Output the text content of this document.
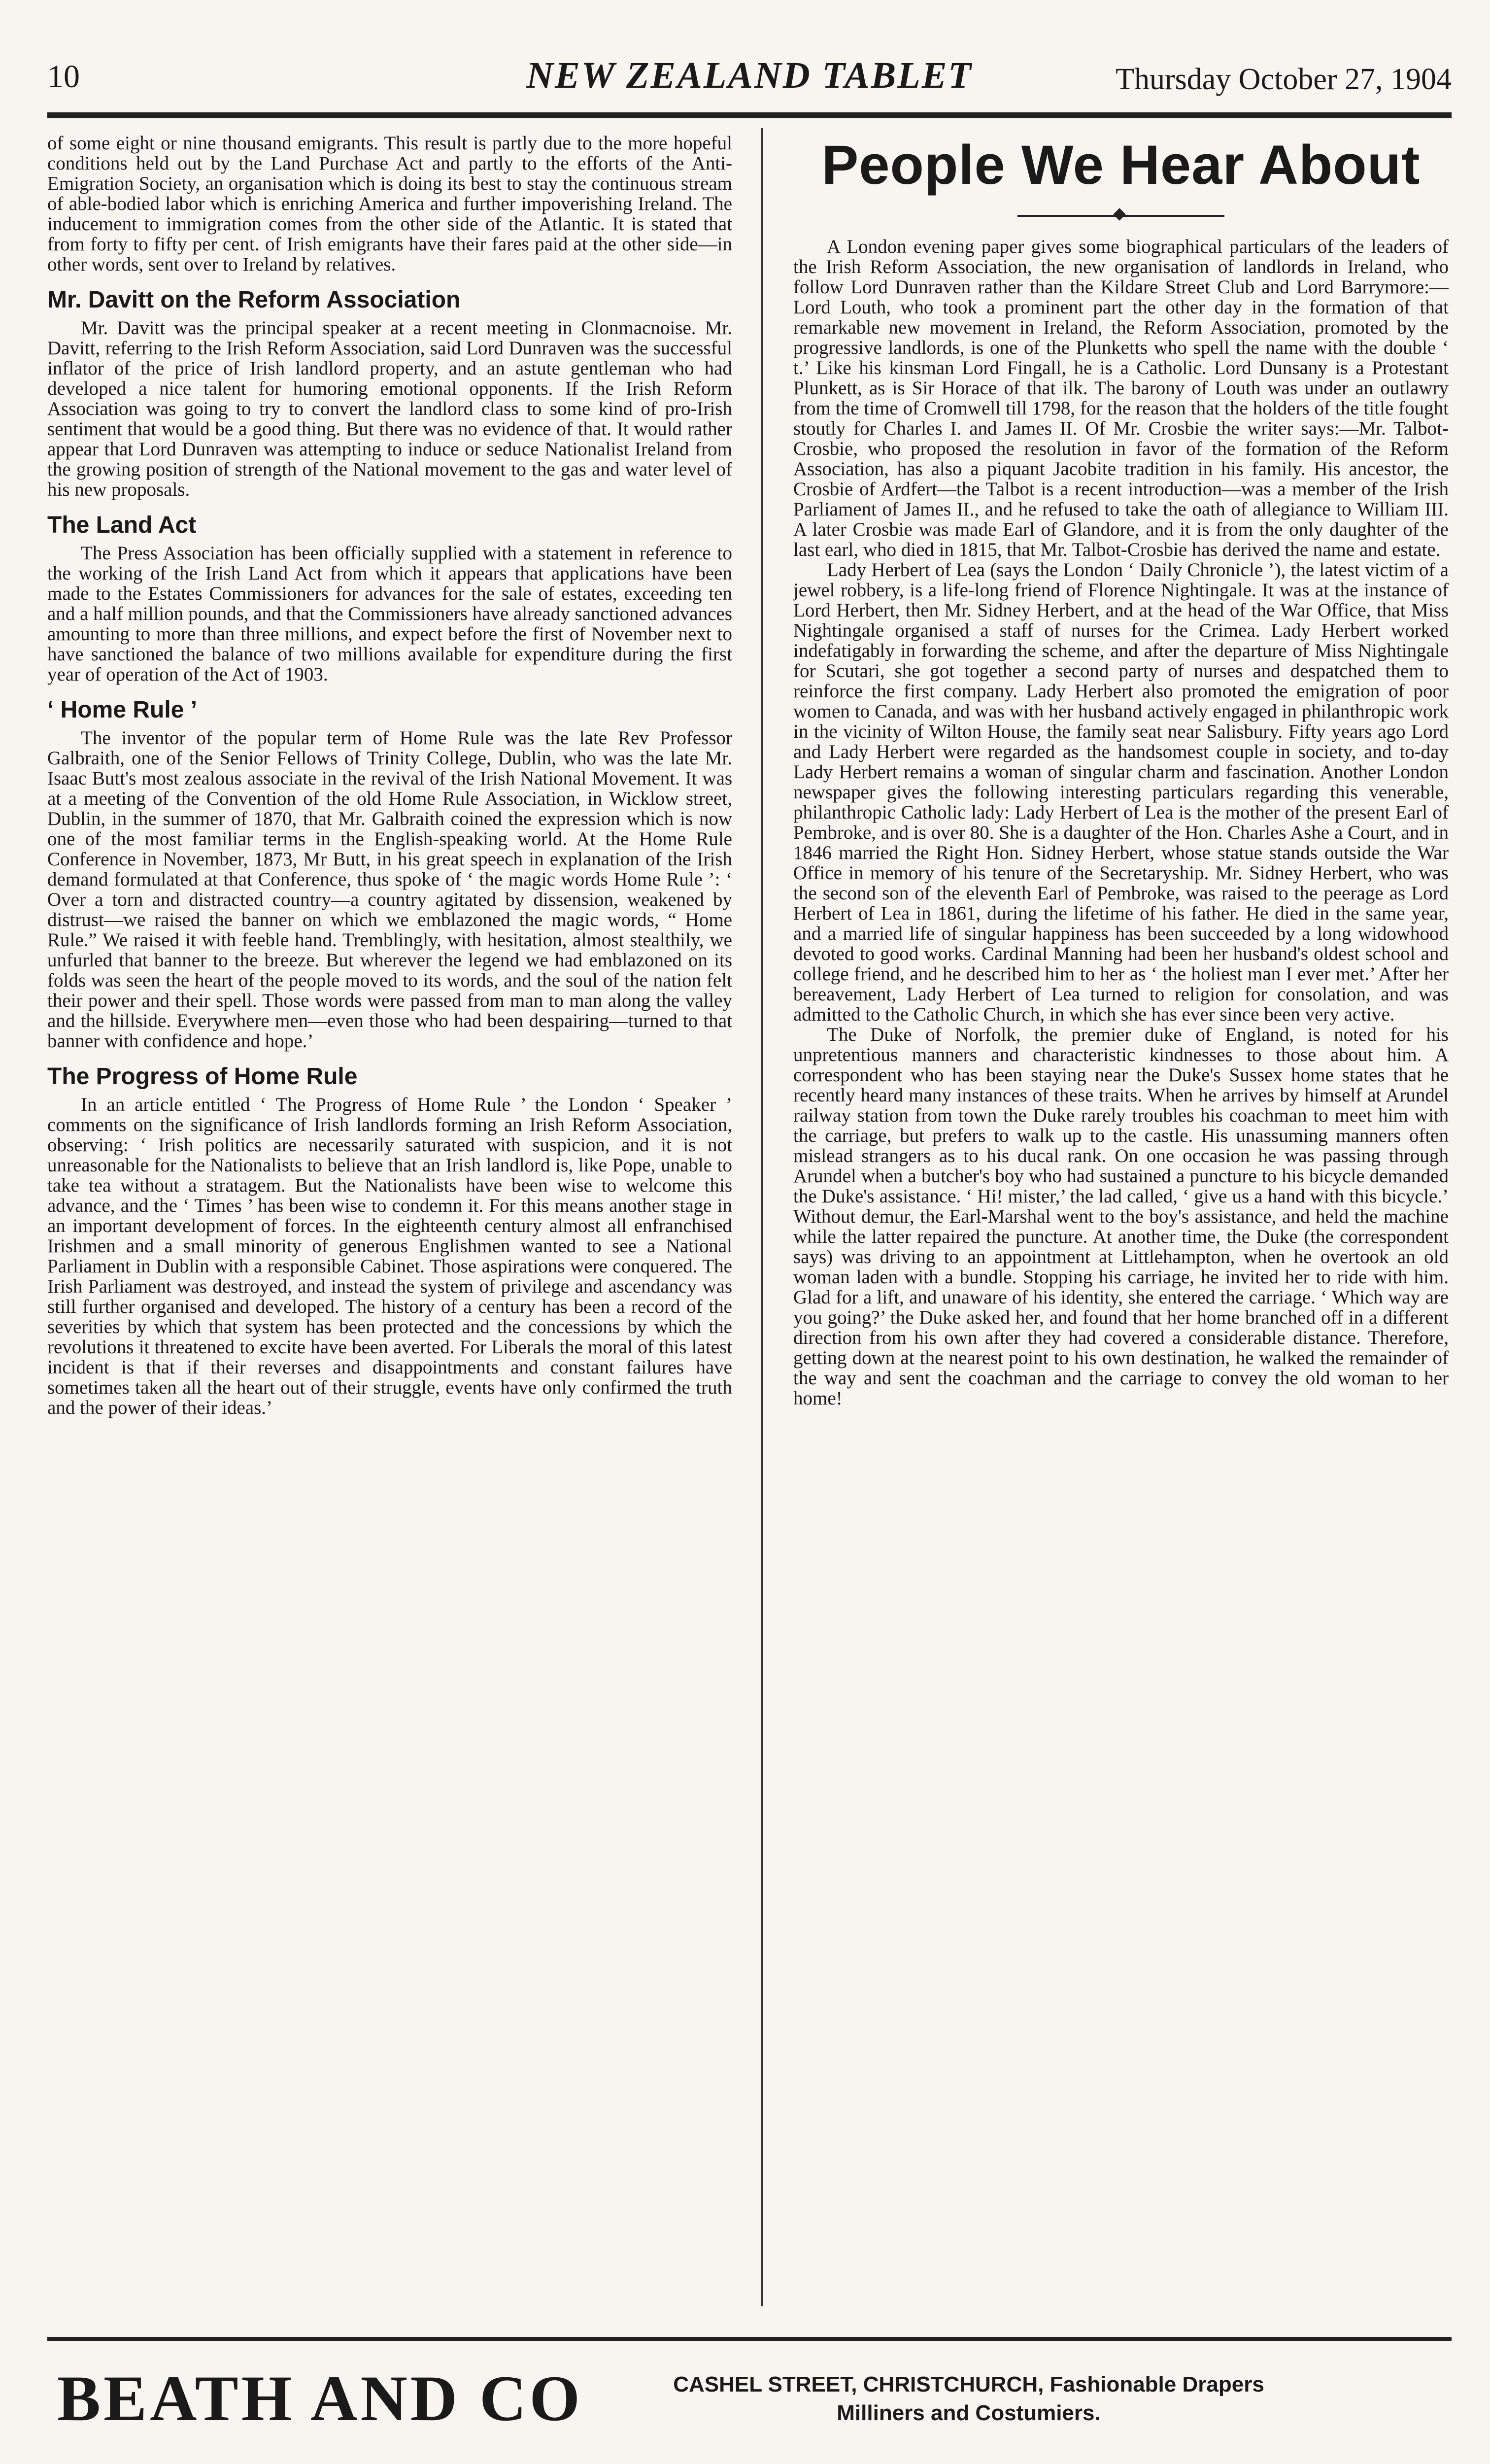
10	NEW ZEALAND TABLET	Thursday October 27, 1904

of some eight or nine thousand emigrants. This result is partly due to the more hopeful conditions held out by the Land Purchase Act and partly to the efforts of the Anti-Emigration Society, an organisation which is doing its best to stay the continuous stream of able-bodied labor which is enriching America and further impoverishing Ireland. The inducement to immigration comes from the other side of the Atlantic. It is stated that from forty to fifty per cent. of Irish emigrants have their fares paid at the other side—in other words, sent over to Ireland by relatives.

Mr. Davitt on the Reform Association

Mr. Davitt was the principal speaker at a recent meeting in Clonmacnoise. Mr. Davitt, referring to the Irish Reform Association, said Lord Dunraven was the successful inflator of the price of Irish landlord property, and an astute gentleman who had developed a nice talent for humoring emotional opponents. If the Irish Reform Association was going to try to convert the landlord class to some kind of pro-Irish sentiment that would be a good thing. But there was no evidence of that. It would rather appear that Lord Dunraven was attempting to induce or seduce Nationalist Ireland from the growing position of strength of the National movement to the gas and water level of his new proposals.

The Land Act

The Press Association has been officially supplied with a statement in reference to the working of the Irish Land Act from which it appears that applications have been made to the Estates Commissioners for advances for the sale of estates, exceeding ten and a half million pounds, and that the Commissioners have already sanctioned advances amounting to more than three millions, and expect before the first of November next to have sanctioned the balance of two millions available for expenditure during the first year of operation of the Act of 1903.

‘ Home Rule ’

The inventor of the popular term of Home Rule was the late Rev Professor Galbraith, one of the Senior Fellows of Trinity College, Dublin, who was the late Mr. Isaac Butt's most zealous associate in the revival of the Irish National Movement. It was at a meeting of the Convention of the old Home Rule Association, in Wicklow street, Dublin, in the summer of 1870, that Mr. Galbraith coined the expression which is now one of the most familiar terms in the English-speaking world. At the Home Rule Conference in November, 1873, Mr Butt, in his great speech in explanation of the Irish demand formulated at that Conference, thus spoke of ‘ the magic words Home Rule ’: ‘ Over a torn and distracted country—a country agitated by dissension, weakened by distrust—we raised the banner on which we emblazoned the magic words, “ Home Rule.” We raised it with feeble hand. Tremblingly, with hesitation, almost stealthily, we unfurled that banner to the breeze. But wherever the legend we had emblazoned on its folds was seen the heart of the people moved to its words, and the soul of the nation felt their power and their spell. Those words were passed from man to man along the valley and the hillside. Everywhere men—even those who had been despairing—turned to that banner with confidence and hope.’

The Progress of Home Rule

In an article entitled ‘ The Progress of Home Rule ’ the London ‘ Speaker ’ comments on the significance of Irish landlords forming an Irish Reform Association, observing: ‘ Irish politics are necessarily saturated with suspicion, and it is not unreasonable for the Nationalists to believe that an Irish landlord is, like Pope, unable to take tea without a stratagem. But the Nationalists have been wise to welcome this advance, and the ‘ Times ’ has been wise to condemn it. For this means another stage in an important development of forces. In the eighteenth century almost all enfranchised Irishmen and a small minority of generous Englishmen wanted to see a National Parliament in Dublin with a responsible Cabinet. Those aspirations were conquered. The Irish Parliament was destroyed, and instead the system of privilege and ascendancy was still further organised and developed. The history of a century has been a record of the severities by which that system has been protected and the concessions by which the revolutions it threatened to excite have been averted. For Liberals the moral of this latest incident is that if their reverses and disappointments and constant failures have sometimes taken all the heart out of their struggle, events have only confirmed the truth and the power of their ideas.’

People We Hear About

A London evening paper gives some biographical particulars of the leaders of the Irish Reform Association, the new organisation of landlords in Ireland, who follow Lord Dunraven rather than the Kildare Street Club and Lord Barrymore:—Lord Louth, who took a prominent part the other day in the formation of that remarkable new movement in Ireland, the Reform Association, promoted by the progressive landlords, is one of the Plunketts who spell the name with the double ‘ t.’ Like his kinsman Lord Fingall, he is a Catholic. Lord Dunsany is a Protestant Plunkett, as is Sir Horace of that ilk. The barony of Louth was under an outlawry from the time of Cromwell till 1798, for the reason that the holders of the title fought stoutly for Charles I. and James II. Of Mr. Crosbie the writer says:—Mr. Talbot-Crosbie, who proposed the resolution in favor of the formation of the Reform Association, has also a piquant Jacobite tradition in his family. His ancestor, the Crosbie of Ardfert—the Talbot is a recent introduction—was a member of the Irish Parliament of James II., and he refused to take the oath of allegiance to William III. A later Crosbie was made Earl of Glandore, and it is from the only daughter of the last earl, who died in 1815, that Mr. Talbot-Crosbie has derived the name and estate.

Lady Herbert of Lea (says the London ‘ Daily Chronicle ’), the latest victim of a jewel robbery, is a life-long friend of Florence Nightingale. It was at the instance of Lord Herbert, then Mr. Sidney Herbert, and at the head of the War Office, that Miss Nightingale organised a staff of nurses for the Crimea. Lady Herbert worked indefatigably in forwarding the scheme, and after the departure of Miss Nightingale for Scutari, she got together a second party of nurses and despatched them to reinforce the first company. Lady Herbert also promoted the emigration of poor women to Canada, and was with her husband actively engaged in philanthropic work in the vicinity of Wilton House, the family seat near Salisbury. Fifty years ago Lord and Lady Herbert were regarded as the handsomest couple in society, and to-day Lady Herbert remains a woman of singular charm and fascination. Another London newspaper gives the following interesting particulars regarding this venerable, philanthropic Catholic lady: Lady Herbert of Lea is the mother of the present Earl of Pembroke, and is over 80. She is a daughter of the Hon. Charles Ashe a Court, and in 1846 married the Right Hon. Sidney Herbert, whose statue stands outside the War Office in memory of his tenure of the Secretaryship. Mr. Sidney Herbert, who was the second son of the eleventh Earl of Pembroke, was raised to the peerage as Lord Herbert of Lea in 1861, during the lifetime of his father. He died in the same year, and a married life of singular happiness has been succeeded by a long widowhood devoted to good works. Cardinal Manning had been her husband's oldest school and college friend, and he described him to her as ‘ the holiest man I ever met.’ After her bereavement, Lady Herbert of Lea turned to religion for consolation, and was admitted to the Catholic Church, in which she has ever since been very active.

The Duke of Norfolk, the premier duke of England, is noted for his unpretentious manners and characteristic kindnesses to those about him. A correspondent who has been staying near the Duke's Sussex home states that he recently heard many instances of these traits. When he arrives by himself at Arundel railway station from town the Duke rarely troubles his coachman to meet him with the carriage, but prefers to walk up to the castle. His unassuming manners often mislead strangers as to his ducal rank. On one occasion he was passing through Arundel when a butcher's boy who had sustained a puncture to his bicycle demanded the Duke's assistance. ‘ Hi! mister,’ the lad called, ‘ give us a hand with this bicycle.’ Without demur, the Earl-Marshal went to the boy's assistance, and held the machine while the latter repaired the puncture. At another time, the Duke (the correspondent says) was driving to an appointment at Littlehampton, when he overtook an old woman laden with a bundle. Stopping his carriage, he invited her to ride with him. Glad for a lift, and unaware of his identity, she entered the carriage. ‘ Which way are you going?’ the Duke asked her, and found that her home branched off in a different direction from his own after they had covered a considerable distance. Therefore, getting down at the nearest point to his own destination, he walked the remainder of the way and sent the coachman and the carriage to convey the old woman to her home!

BEATH AND CO	CASHEL STREET, CHRISTCHURCH, Fashionable Drapers
Milliners and Costumiers.
